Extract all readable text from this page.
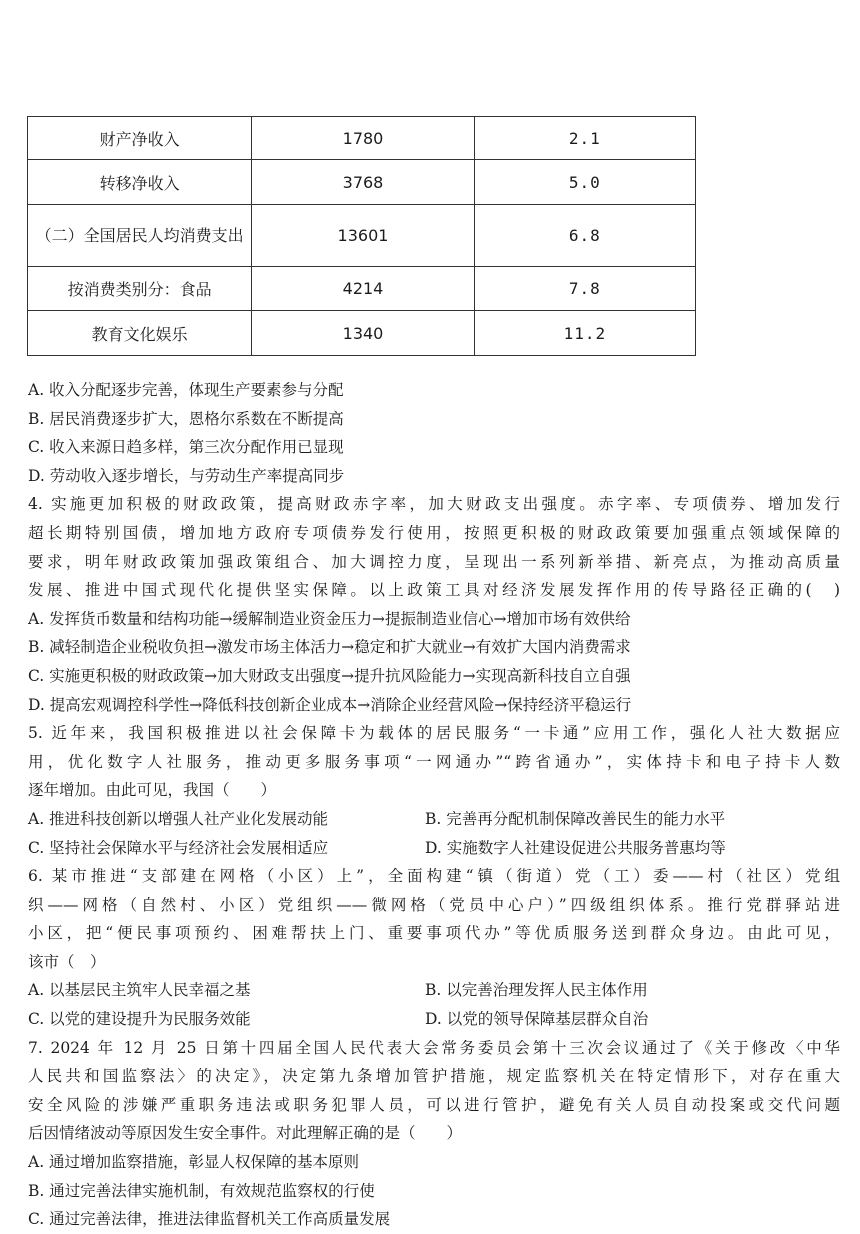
财产净收入	1780	2.1
转移净收入	3768	5.0
（二）全国居民人均消费支出	13601	6.8
按消费类别分：食品	4214	7.8
教育文化娱乐	1340	11.2
A. 收入分配逐步完善，体现生产要素参与分配
B. 居民消费逐步扩大，恩格尔系数在不断提高
C. 收入来源日趋多样，第三次分配作用已显现
D. 劳动收入逐步增长，与劳动生产率提高同步
4. 实施更加积极的财政政策，提高财政赤字率，加大财政支出强度。赤字率、专项债券、增加发行
超长期特别国债，增加地方政府专项债券发行使用，按照更积极的财政政策要加强重点领域保障的
要求，明年财政政策加强政策组合、加大调控力度，呈现出一系列新举措、新亮点，为推动高质量
发展、推进中国式现代化提供坚实保障。以上政策工具对经济发展发挥作用的传导路径正确的(　)
A. 发挥货币数量和结构功能→缓解制造业资金压力→提振制造业信心→增加市场有效供给
B. 减轻制造企业税收负担→激发市场主体活力→稳定和扩大就业→有效扩大国内消费需求
C. 实施更积极的财政政策→加大财政支出强度→提升抗风险能力→实现高新科技自立自强
D. 提高宏观调控科学性→降低科技创新企业成本→消除企业经营风险→保持经济平稳运行
5. 近年来，我国积极推进以社会保障卡为载体的居民服务“一卡通”应用工作，强化人社大数据应
用，优化数字人社服务，推动更多服务事项“一网通办”“跨省通办”，实体持卡和电子持卡人数
逐年增加。由此可见，我国（　　）
A. 推进科技创新以增强人社产业化发展动能	B. 完善再分配机制保障改善民生的能力水平
C. 坚持社会保障水平与经济社会发展相适应	D. 实施数字人社建设促进公共服务普惠均等
6. 某市推进“支部建在网格（小区）上”，全面构建“镇（街道）党（工）委——村（社区）党组
织——网格（自然村、小区）党组织——微网格（党员中心户）”四级组织体系。推行党群驿站进
小区，把“便民事项预约、困难帮扶上门、重要事项代办”等优质服务送到群众身边。由此可见，
该市（　）
A. 以基层民主筑牢人民幸福之基	B. 以完善治理发挥人民主体作用
C. 以党的建设提升为民服务效能	D. 以党的领导保障基层群众自治
7. 2024 年 12 月 25 日第十四届全国人民代表大会常务委员会第十三次会议通过了《关于修改〈中华
人民共和国监察法〉的决定》，决定第九条增加管护措施，规定监察机关在特定情形下，对存在重大
安全风险的涉嫌严重职务违法或职务犯罪人员，可以进行管护，避免有关人员自动投案或交代问题
后因情绪波动等原因发生安全事件。对此理解正确的是（　　）
A. 通过增加监察措施，彰显人权保障的基本原则
B. 通过完善法律实施机制，有效规范监察权的行使
C. 通过完善法律，推进法律监督机关工作高质量发展
